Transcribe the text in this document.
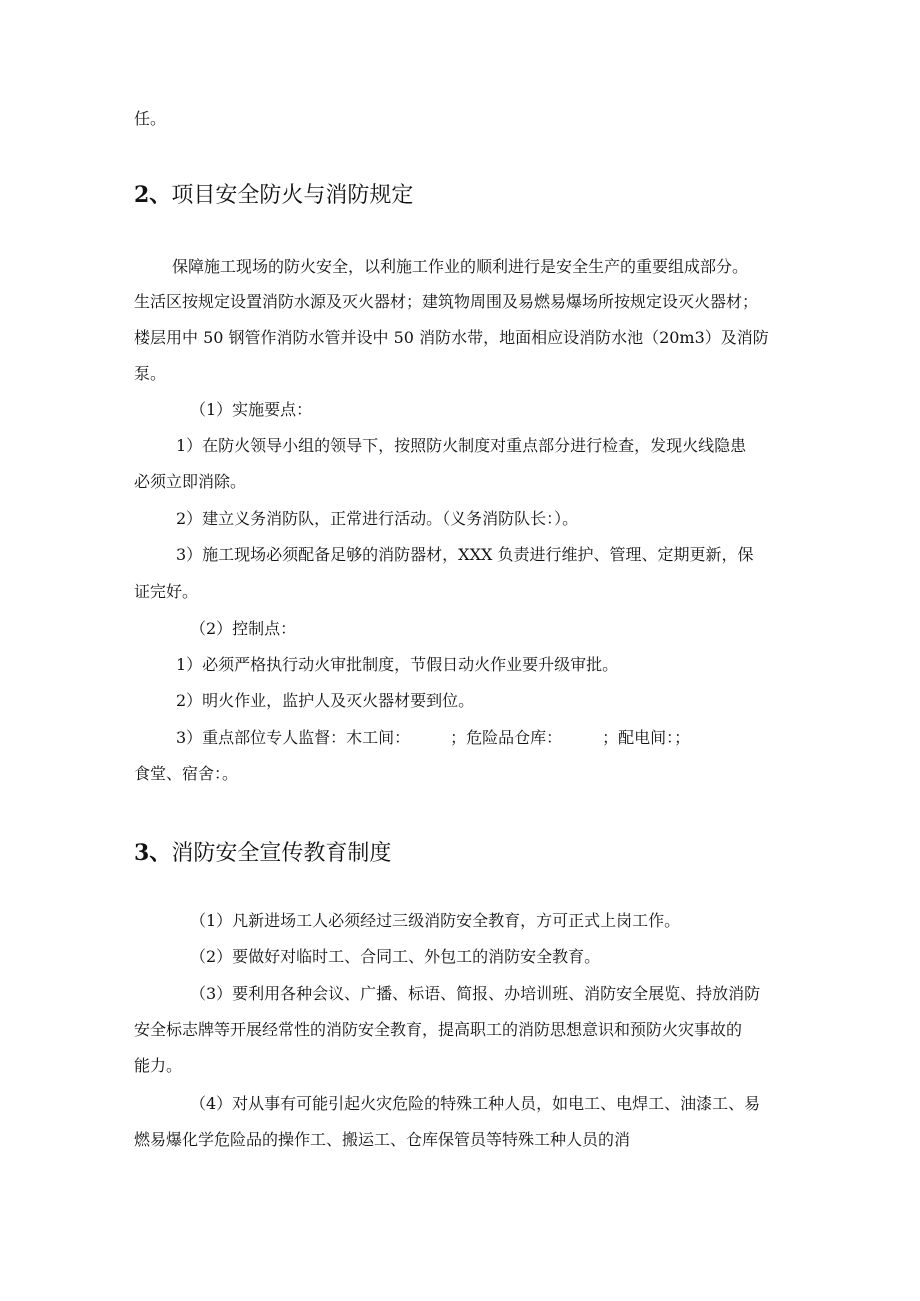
任。
2、项目安全防火与消防规定
保障施工现场的防火安全，以利施工作业的顺利进行是安全生产的重要组成部分。
生活区按规定设置消防水源及灭火器材；建筑物周围及易燃易爆场所按规定设灭火器材；
楼层用中 50 钢管作消防水管并设中 50 消防水带，地面相应设消防水池（20m3）及消防
泵。
（1）实施要点：
1）在防火领导小组的领导下，按照防火制度对重点部分进行检查，发现火线隐患
必须立即消除。
2）建立义务消防队，正常进行活动。（义务消防队长：）。
3）施工现场必须配备足够的消防器材，XXX 负责进行维护、管理、定期更新，保
证完好。
（2）控制点：
1）必须严格执行动火审批制度，节假日动火作业要升级审批。
2）明火作业，监护人及灭火器材要到位。
3）重点部位专人监督：木工间：　　　；危险品仓库：　　　；配电间：；
食堂、宿舍：。
3、消防安全宣传教育制度
（1）凡新进场工人必须经过三级消防安全教育，方可正式上岗工作。
（2）要做好对临时工、合同工、外包工的消防安全教育。
（3）要利用各种会议、广播、标语、简报、办培训班、消防安全展览、持放消防
安全标志牌等开展经常性的消防安全教育，提高职工的消防思想意识和预防火灾事故的
能力。
（4）对从事有可能引起火灾危险的特殊工种人员，如电工、电焊工、油漆工、易
燃易爆化学危险品的操作工、搬运工、仓库保管员等特殊工种人员的消
